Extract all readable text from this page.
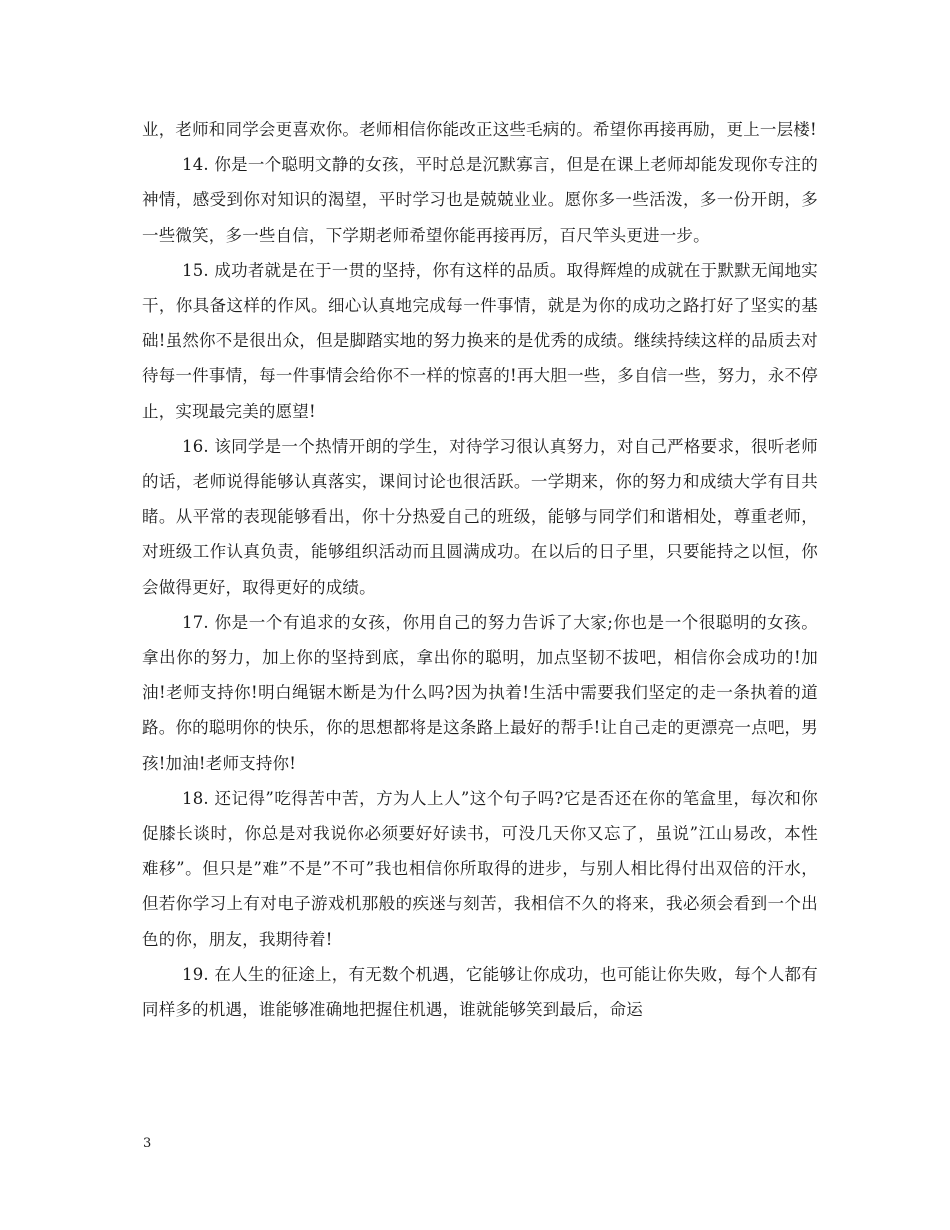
业，老师和同学会更喜欢你。老师相信你能改正这些毛病的。希望你再接再励，更上一层楼!

14. 你是一个聪明文静的女孩，平时总是沉默寡言，但是在课上老师却能发现你专注的神情，感受到你对知识的渴望，平时学习也是兢兢业业。愿你多一些活泼，多一份开朗，多一些微笑，多一些自信，下学期老师希望你能再接再厉，百尺竿头更进一步。

15. 成功者就是在于一贯的坚持，你有这样的品质。取得辉煌的成就在于默默无闻地实干，你具备这样的作风。细心认真地完成每一件事情，就是为你的成功之路打好了坚实的基础!虽然你不是很出众，但是脚踏实地的努力换来的是优秀的成绩。继续持续这样的品质去对待每一件事情，每一件事情会给你不一样的惊喜的!再大胆一些，多自信一些，努力，永不停止，实现最完美的愿望!

16. 该同学是一个热情开朗的学生，对待学习很认真努力，对自己严格要求，很听老师的话，老师说得能够认真落实，课间讨论也很活跃。一学期来，你的努力和成绩大学有目共睹。从平常的表现能够看出，你十分热爱自己的班级，能够与同学们和谐相处，尊重老师，对班级工作认真负责，能够组织活动而且圆满成功。在以后的日子里，只要能持之以恒，你会做得更好，取得更好的成绩。

17. 你是一个有追求的女孩，你用自己的努力告诉了大家;你也是一个很聪明的女孩。拿出你的努力，加上你的坚持到底，拿出你的聪明，加点坚韧不拔吧，相信你会成功的!加油!老师支持你!明白绳锯木断是为什么吗?因为执着!生活中需要我们坚定的走一条执着的道路。你的聪明你的快乐，你的思想都将是这条路上最好的帮手!让自己走的更漂亮一点吧，男孩!加油!老师支持你!

18. 还记得”吃得苦中苦，方为人上人”这个句子吗?它是否还在你的笔盒里，每次和你促膝长谈时，你总是对我说你必须要好好读书，可没几天你又忘了，虽说”江山易改，本性难移”。但只是”难”不是”不可”我也相信你所取得的进步，与别人相比得付出双倍的汗水，但若你学习上有对电子游戏机那般的疾迷与刻苦，我相信不久的将来，我必须会看到一个出色的你，朋友，我期待着!

19. 在人生的征途上，有无数个机遇，它能够让你成功，也可能让你失败，每个人都有同样多的机遇，谁能够准确地把握住机遇，谁就能够笑到最后，命运

3
